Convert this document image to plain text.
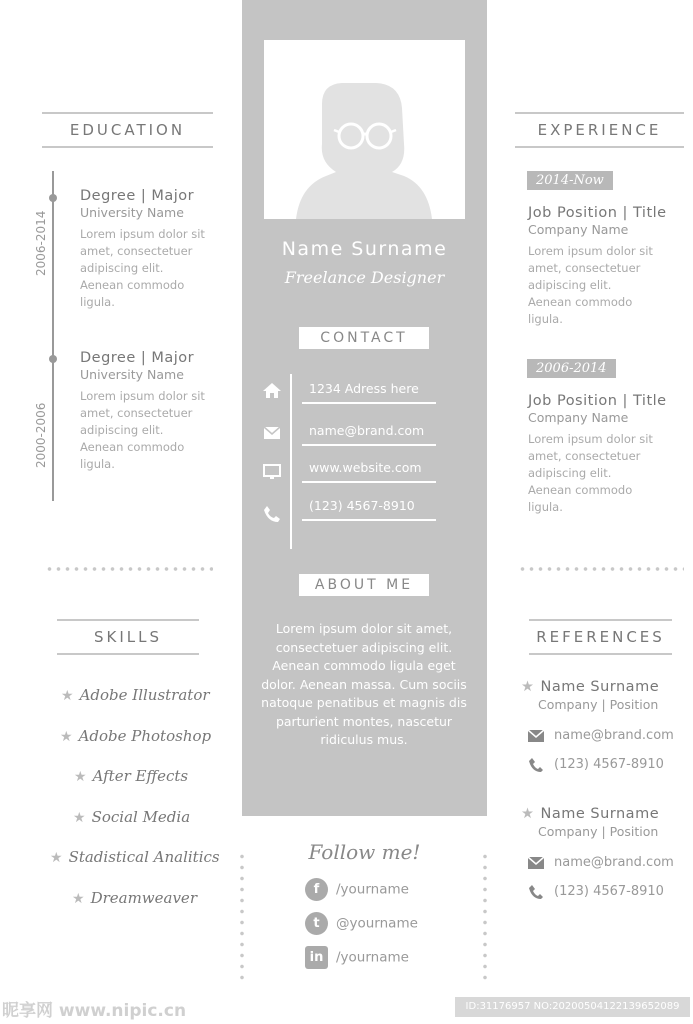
Name Surname
Freelance Designer
CONTACT
1234 Adress here
name@brand.com
www.website.com
(123) 4567-8910
ABOUT ME
Lorem ipsum dolor sit amet, consectetuer adipiscing elit. Aenean commodo ligula eget dolor. Aenean massa. Cum sociis natoque penatibus et magnis dis parturient montes, nascetur ridiculus mus.
EDUCATION
2006-2014
2000-2006
Degree | Major
University Name
Lorem ipsum dolor sit
amet, consectetuer
adipiscing elit.
Aenean commodo
ligula.
Degree | Major
University Name
Lorem ipsum dolor sit
amet, consectetuer
adipiscing elit.
Aenean commodo
ligula.
SKILLS
★ Adobe Illustrator
★ Adobe Photoshop
★ After Effects
★ Social Media
★ Stadistical Analitics
★ Dreamweaver
EXPERIENCE
2014-Now
Job Position | Title
Company Name
Lorem ipsum dolor sit
amet, consectetuer
adipiscing elit.
Aenean commodo
ligula.
2006-2014
Job Position | Title
Company Name
Lorem ipsum dolor sit
amet, consectetuer
adipiscing elit.
Aenean commodo
ligula.
REFERENCES
★ Name Surname
Company | Position
name@brand.com
(123) 4567-8910
★ Name Surname
Company | Position
name@brand.com
(123) 4567-8910
Follow me!
f /yourname
t @yourname
in /yourname
昵享网 www.nipic.cn	ID:31176957 NO:20200504122139652089
